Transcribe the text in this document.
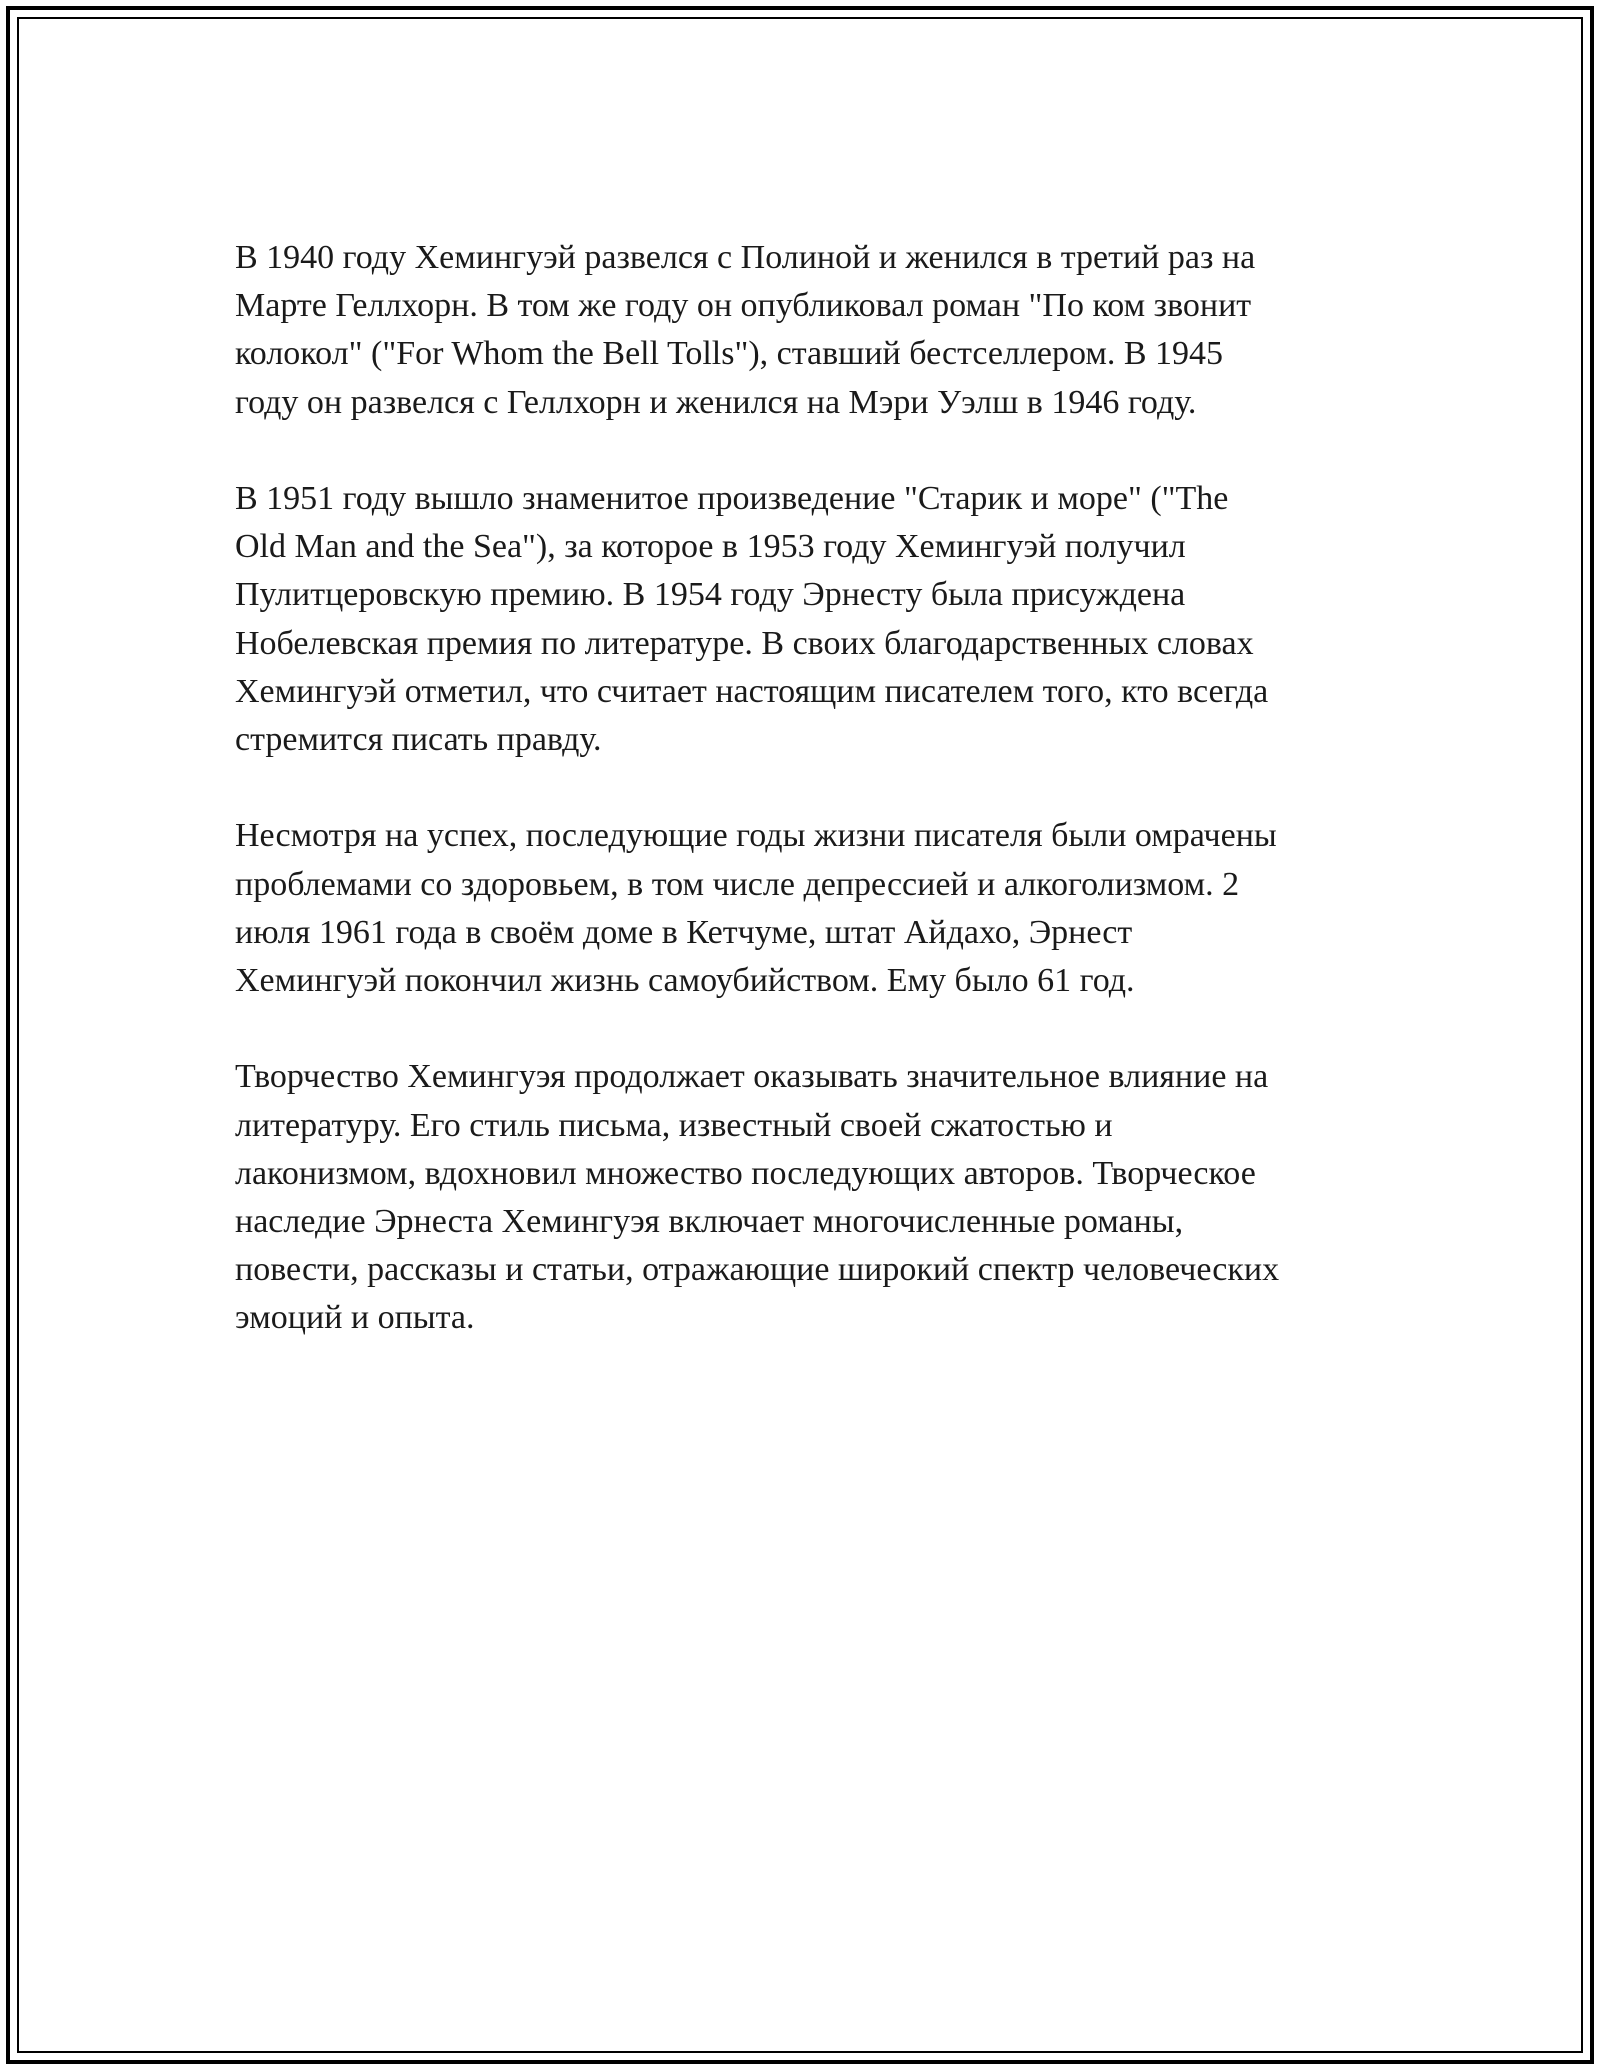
В 1940 году Хемингуэй развелся с Полиной и женился в третий раз на
Марте Геллхорн. В том же году он опубликовал роман "По ком звонит
колокол" ("For Whom the Bell Tolls"), ставший бестселлером. В 1945
году он развелся с Геллхорн и женился на Мэри Уэлш в 1946 году.

В 1951 году вышло знаменитое произведение "Старик и море" ("The
Old Man and the Sea"), за которое в 1953 году Хемингуэй получил
Пулитцеровскую премию. В 1954 году Эрнесту была присуждена
Нобелевская премия по литературе. В своих благодарственных словах
Хемингуэй отметил, что считает настоящим писателем того, кто всегда
стремится писать правду.

Несмотря на успех, последующие годы жизни писателя были омрачены
проблемами со здоровьем, в том числе депрессией и алкоголизмом. 2
июля 1961 года в своём доме в Кетчуме, штат Айдахо, Эрнест
Хемингуэй покончил жизнь самоубийством. Ему было 61 год.

Творчество Хемингуэя продолжает оказывать значительное влияние на
литературу. Его стиль письма, известный своей сжатостью и
лаконизмом, вдохновил множество последующих авторов. Творческое
наследие Эрнеста Хемингуэя включает многочисленные романы,
повести, рассказы и статьи, отражающие широкий спектр человеческих
эмоций и опыта.
